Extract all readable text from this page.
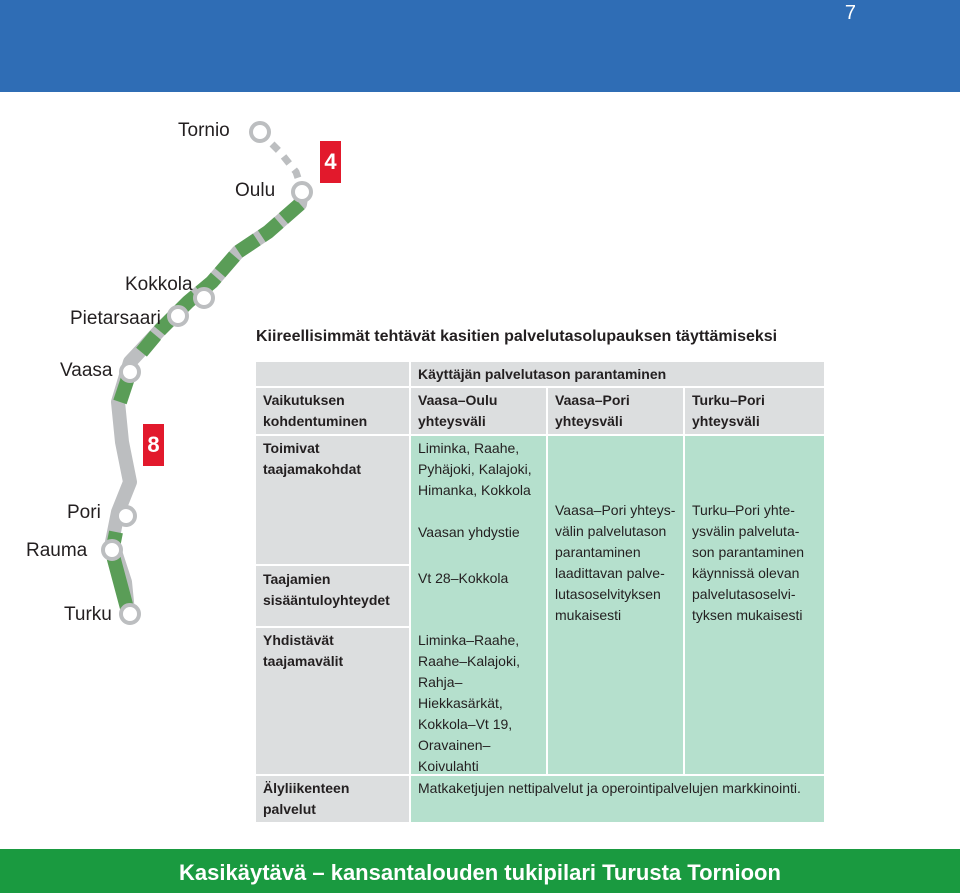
7
Tornio
Oulu
Kokkola
Pietarsaari
Vaasa
Pori
Rauma
Turku
4
8
Kiireellisimmät tehtävät kasitien palvelutasolupauksen täyttämiseksi
Vaikutuksen kohdentuminen
Toimivat taajamakohdat
Taajamien sisääntuloyhteydet
Yhdistävät taajamavälit
Älyliikenteen palvelut
Käyttäjän palvelutason parantaminen
Vaasa–Oulu yhteysväli
Vaasa–Pori yhteysväli
Turku–Pori yhteysväli
Liminka, Raahe, Pyhäjoki, Kalajoki, Himanka, Kokkola
Vaasan yhdystie
Vt 28–Kokkola
Liminka–Raahe, Raahe–Kalajoki, Rahja–Hiekkasärkät, Kokkola–Vt 19, Oravainen–Koivulahti
Vaasa–Pori yhteys-välin palvelutason parantaminen laadittavan palve-lutasoselvityksen mukaisesti
Turku–Pori yhte-ysvälin palveluta-son parantaminen käynnissä olevan palvelutasoselvi-tyksen mukaisesti
Matkaketjujen nettipalvelut ja operointipalvelujen markkinointi.
Kasikäytävä – kansantalouden tukipilari Turusta Tornioon
